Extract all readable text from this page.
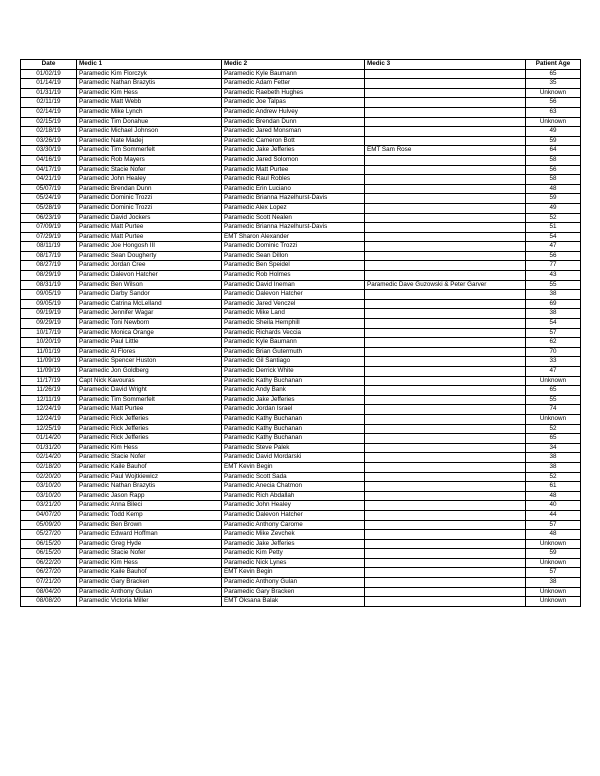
Date	Medic 1	Medic 2	Medic 3	Patient Age
01/02/19	Paramedic Kim Florczyk	Paramedic Kyle Baumann		65
01/14/19	Paramedic Nathan Brazytis	Paramedic Adam Fetter		35
01/31/19	Paramedic Kim Hess	Paramedic Raebeth Hughes		Unknown
02/11/19	Paramedic Matt Webb	Paramedic Joe Talpas		56
02/14/19	Paramedic Mike Lynch	Paramedic Andrew Hulvey		63
02/15/19	Paramedic Tim Donahue	Paramedic Brendan Dunn		Unknown
02/18/19	Paramedic Michael Johnson	Paramedic Jared Monsman		49
03/26/19	Paramedic Nate Madej	Paramedic Cameron Bott		59
03/30/19	Paramedic Tim Sommerfelt	Paramedic Jake Jefferies	EMT Sam Rose	64
04/16/19	Paramedic Rob Mayers	Paramedic Jared Solomon		58
04/17/19	Paramedic Stacie Nofer	Paramedic Matt Purtee		56
04/21/19	Paramedic John Healey	Paramedic Raul Robles		58
05/07/19	Paramedic Brendan Dunn	Paramedic Erin Luciano		48
05/24/19	Paramedic Dominic Trozzi	Paramedic Brianna Hazelhurst-Davis		59
05/28/19	Paramedic Dominic Trozzi	Paramedic Alex Lopez		49
06/23/19	Paramedic David Jockers	Paramedic Scott Nealen		52
07/09/19	Paramedic Matt Purtee	Paramedic Brianna Hazelhurst-Davis		51
07/29/19	Paramedic Matt Purtee	EMT Sharon Alexander		54
08/11/19	Paramedic Joe Hongosh III	Paramedic Dominic Trozzi		47
08/17/19	Paramedic Sean Dougherty	Paramedic Sean Dillon		56
08/27/19	Paramedic Jordan Cree	Paramedic Ben Speidel		77
08/29/19	Paramedic Dalevon Hatcher	Paramedic Rob Holmes		43
08/31/19	Paramedic Ben Wilson	Paramedic David Ineman	Paramedic Dave Guzowski & Peter Garver	55
09/05/19	Paramedic Darby Sandor	Paramedic Dalevon Hatcher		38
09/05/19	Paramedic Catrina McLelland	Paramedic Jared Venczel		69
09/19/19	Paramedic Jennifer Wagar	Paramedic Mike Land		38
09/29/19	Paramedic Toni Newborn	Paramedic Sheila Hemphill		54
10/17/19	Paramedic Monica Orange	Paramedic Richards Veccia		57
10/20/19	Paramedic Paul Little	Paramedic Kyle Baumann		62
11/01/19	Paramedic Al Flores	Paramedic Brian Gutermuth		70
11/09/19	Paramedic Spencer Huston	Paramedic Gil Santiago		33
11/09/19	Paramedic Jon Goldberg	Paramedic Derrick White		47
11/17/19	Capt Nick Kavouras	Paramedic Kathy Buchanan		Unknown
11/26/19	Paramedic David Wright	Paramedic Andy Bank		65
12/11/19	Paramedic Tim Sommerfelt	Paramedic Jake Jefferies		55
12/24/19	Paramedic Matt Purtee	Paramedic Jordan Israel		74
12/24/19	Paramedic Rick Jefferies	Paramedic Kathy Buchanan		Unknown
12/25/19	Paramedic Rick Jefferies	Paramedic Kathy Buchanan		52
01/14/20	Paramedic Rick Jefferies	Paramedic Kathy Buchanan		65
01/31/20	Paramedic Kim Hess	Paramedic Steve Palek		34
02/14/20	Paramedic Stacie Nofer	Paramedic David Mordarski		38
02/18/20	Paramedic Kaile Bauhof	EMT Kevin Begin		38
02/20/20	Paramedic Paul Wojtkiewicz	Paramedic Scott Sada		52
03/10/20	Paramedic Nathan Brazytis	Paramedic Anecia Chatmon		61
03/10/20	Paramedic Jason Rapp	Paramedic Rich Abdallah		48
03/21/20	Paramedic Anna Bileci	Paramedic John Healey		40
04/07/20	Paramedic Todd Kemp	Paramedic Dalevon Hatcher		44
05/09/20	Paramedic Ben Brown	Paramedic Anthony Carome		57
05/27/20	Paramedic Edward Hoffman	Paramedic Mike Zevchek		48
06/15/20	Paramedic Greg Hyde	Paramedic Jake Jefferies		Unknown
06/15/20	Paramedic Stacie Nofer	Paramedic Kim Petty		59
06/22/20	Paramedic Kim Hess	Paramedic Nick Lynes		Unknown
06/27/20	Paramedic Kaile Bauhof	EMT Kevin Begin		57
07/21/20	Paramedic Gary Bracken	Paramedic Anthony Gulan		38
08/04/20	Paramedic Anthony Gulan	Paramedic Gary Bracken		Unknown
08/08/20	Paramedic Victoria Miller	EMT Oksana Balak		Unknown
